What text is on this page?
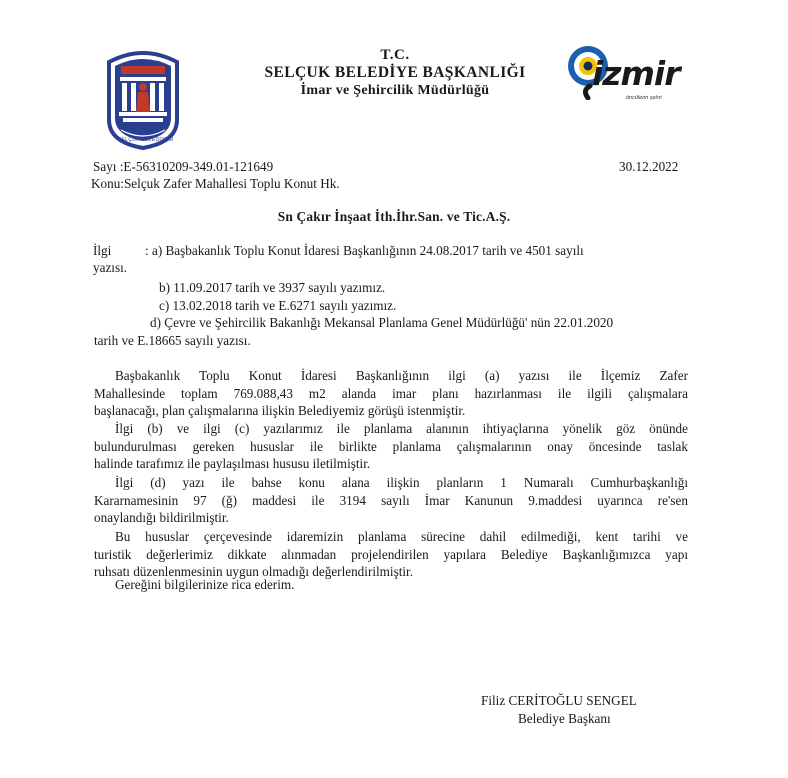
SELÇUK BELEDİYESİ
T.C.
SELÇUK BELEDİYE BAŞKANLIĞI
İmar ve Şehircilik Müdürlüğü	izmir
öncülerin şehri
Sayı :E-56310209-349.01-121649
Konu:Selçuk Zafer Mahallesi Toplu Konut Hk.
30.12.2022
Sn Çakır İnşaat İth.İhr.San. ve Tic.A.Ş.
İlgi	: a) Başbakanlık Toplu Konut İdaresi Başkanlığının 24.08.2017 tarih ve 4501 sayılı
yazısı.
b) 11.09.2017 tarih ve 3937 sayılı yazımız.
c) 13.02.2018 tarih ve E.6271 sayılı yazımız.
d) Çevre ve Şehircilik Bakanlığı Mekansal Planlama Genel Müdürlüğü' nün 22.01.2020
tarih ve E.18665 sayılı yazısı.
Başbakanlık Toplu Konut İdaresi Başkanlığının ilgi (a) yazısı ile İlçemiz Zafer
Mahallesinde toplam 769.088,43 m2 alanda imar planı hazırlanması ile ilgili çalışmalara
başlanacağı, plan çalışmalarına ilişkin Belediyemiz görüşü istenmiştir.
İlgi (b) ve ilgi (c) yazılarımız ile planlama alanının ihtiyaçlarına yönelik göz önünde
bulundurulması gereken hususlar ile birlikte planlama çalışmalarının onay öncesinde taslak
halinde tarafımız ile paylaşılması hususu iletilmiştir.
İlgi (d) yazı ile bahse konu alana ilişkin planların 1 Numaralı Cumhurbaşkanlığı
Kararnamesinin 97 (ğ) maddesi ile 3194 sayılı İmar Kanunun 9.maddesi uyarınca re'sen
onaylandığı bildirilmiştir.
Bu hususlar çerçevesinde idaremizin planlama sürecine dahil edilmediği, kent tarihi ve
turistik değerlerimiz dikkate alınmadan projelendirilen yapılara Belediye Başkanlığımızca yapı
ruhsatı düzenlenmesinin uygun olmadığı değerlendirilmiştir.
Gereğini bilgilerinize rica ederim.
Filiz CERİTOĞLU SENGEL
Belediye Başkanı
